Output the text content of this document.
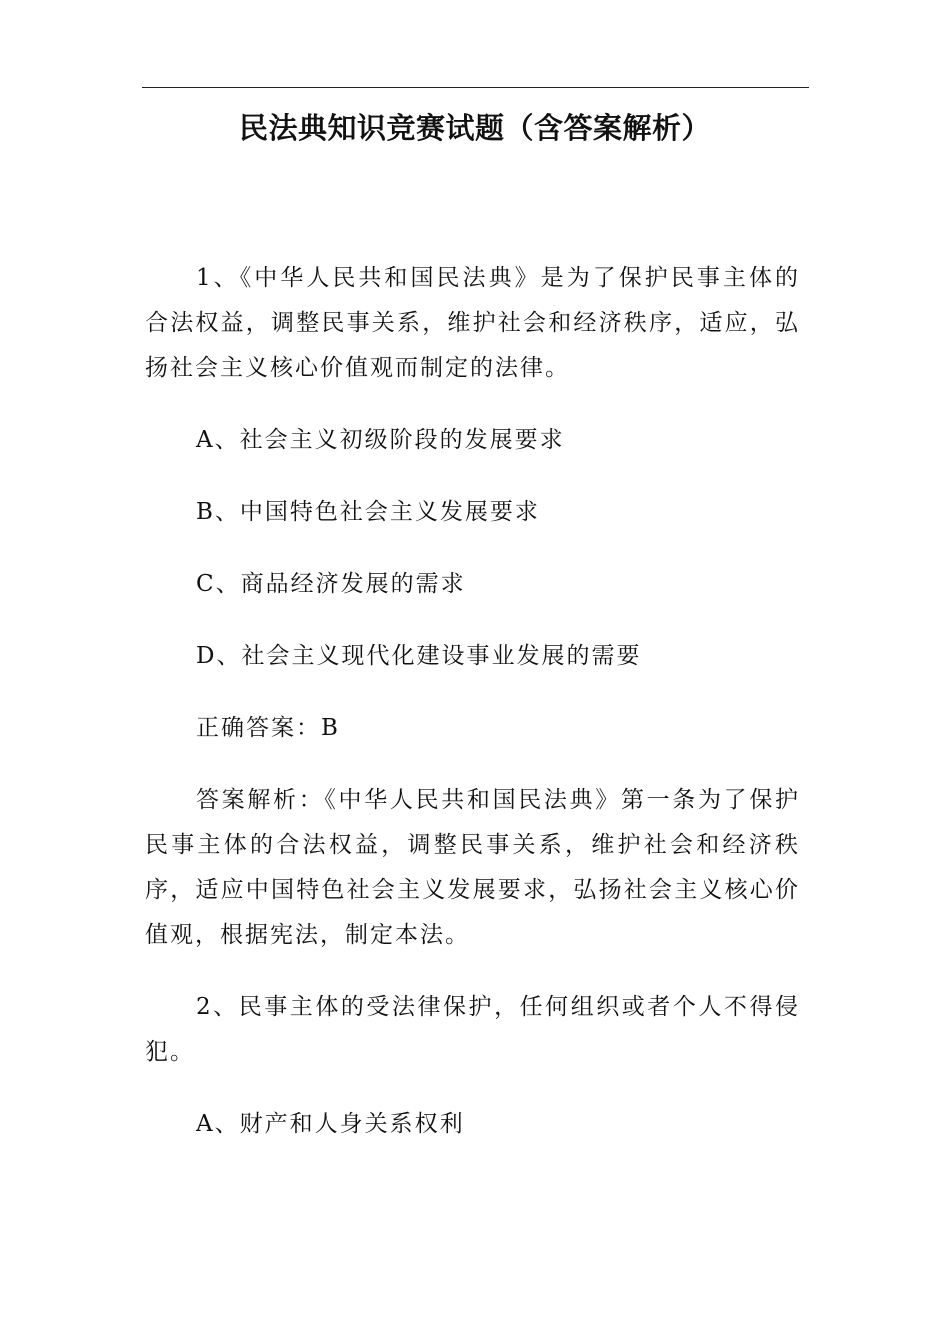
民法典知识竞赛试题（含答案解析）

1、《中华人民共和国民法典》是为了保护民事主体的合法权益，调整民事关系，维护社会和经济秩序，适应，弘扬社会主义核心价值观而制定的法律。

A、社会主义初级阶段的发展要求

B、中国特色社会主义发展要求

C、商品经济发展的需求

D、社会主义现代化建设事业发展的需要

正确答案：B

答案解析：《中华人民共和国民法典》第一条为了保护民事主体的合法权益，调整民事关系，维护社会和经济秩序，适应中国特色社会主义发展要求，弘扬社会主义核心价值观，根据宪法，制定本法。

2、民事主体的受法律保护，任何组织或者个人不得侵犯。

A、财产和人身关系权利
